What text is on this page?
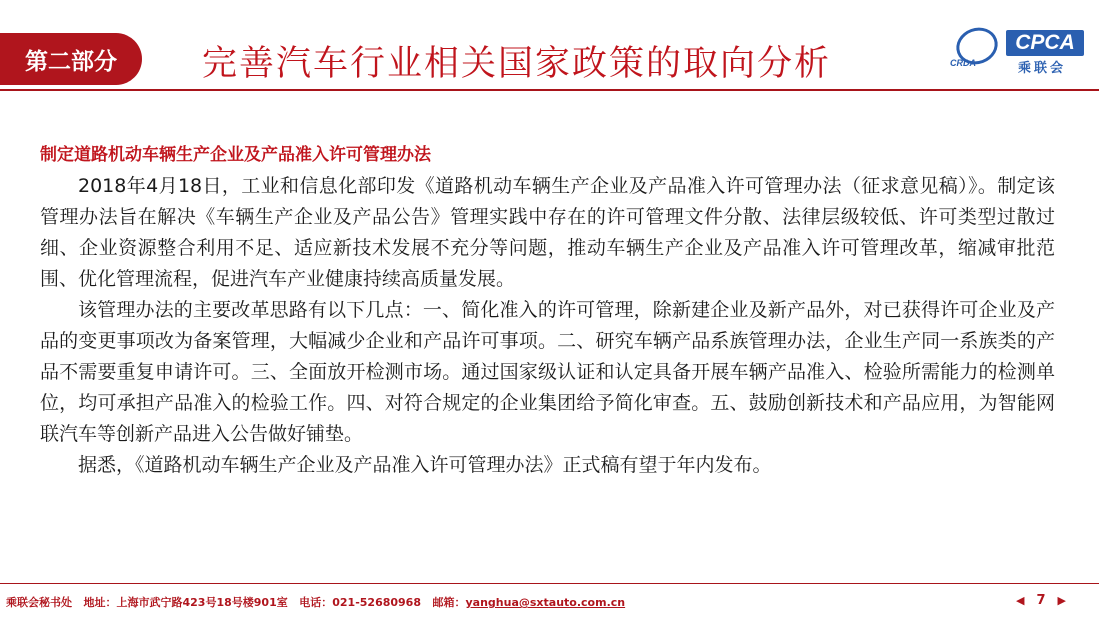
第二部分	完善汽车行业相关国家政策的取向分析	CRDA
CPCA
乘联会
制定道路机动车辆生产企业及产品准入许可管理办法

2018年4月18日，工业和信息化部印发《道路机动车辆生产企业及产品准入许可管理办法（征求意见稿）》。制定该管理办法旨在解决《车辆生产企业及产品公告》管理实践中存在的许可管理文件分散、法律层级较低、许可类型过散过细、企业资源整合利用不足、适应新技术发展不充分等问题，推动车辆生产企业及产品准入许可管理改革，缩减审批范围、优化管理流程，促进汽车产业健康持续高质量发展。

该管理办法的主要改革思路有以下几点：一、简化准入的许可管理，除新建企业及新产品外，对已获得许可企业及产品的变更事项改为备案管理，大幅减少企业和产品许可事项。二、研究车辆产品系族管理办法，企业生产同一系族类的产品不需要重复申请许可。三、全面放开检测市场。通过国家级认证和认定具备开展车辆产品准入、检验所需能力的检测单位，均可承担产品准入的检验工作。四、对符合规定的企业集团给予简化审查。五、鼓励创新技术和产品应用，为智能网联汽车等创新产品进入公告做好铺垫。

据悉，《道路机动车辆生产企业及产品准入许可管理办法》正式稿有望于年内发布。

乘联会秘书处 地址：上海市武宁路423号18号楼901室 电话：021-52680968 邮箱：yanghua@sxtauto.com.cn	◀ 7 ▶
